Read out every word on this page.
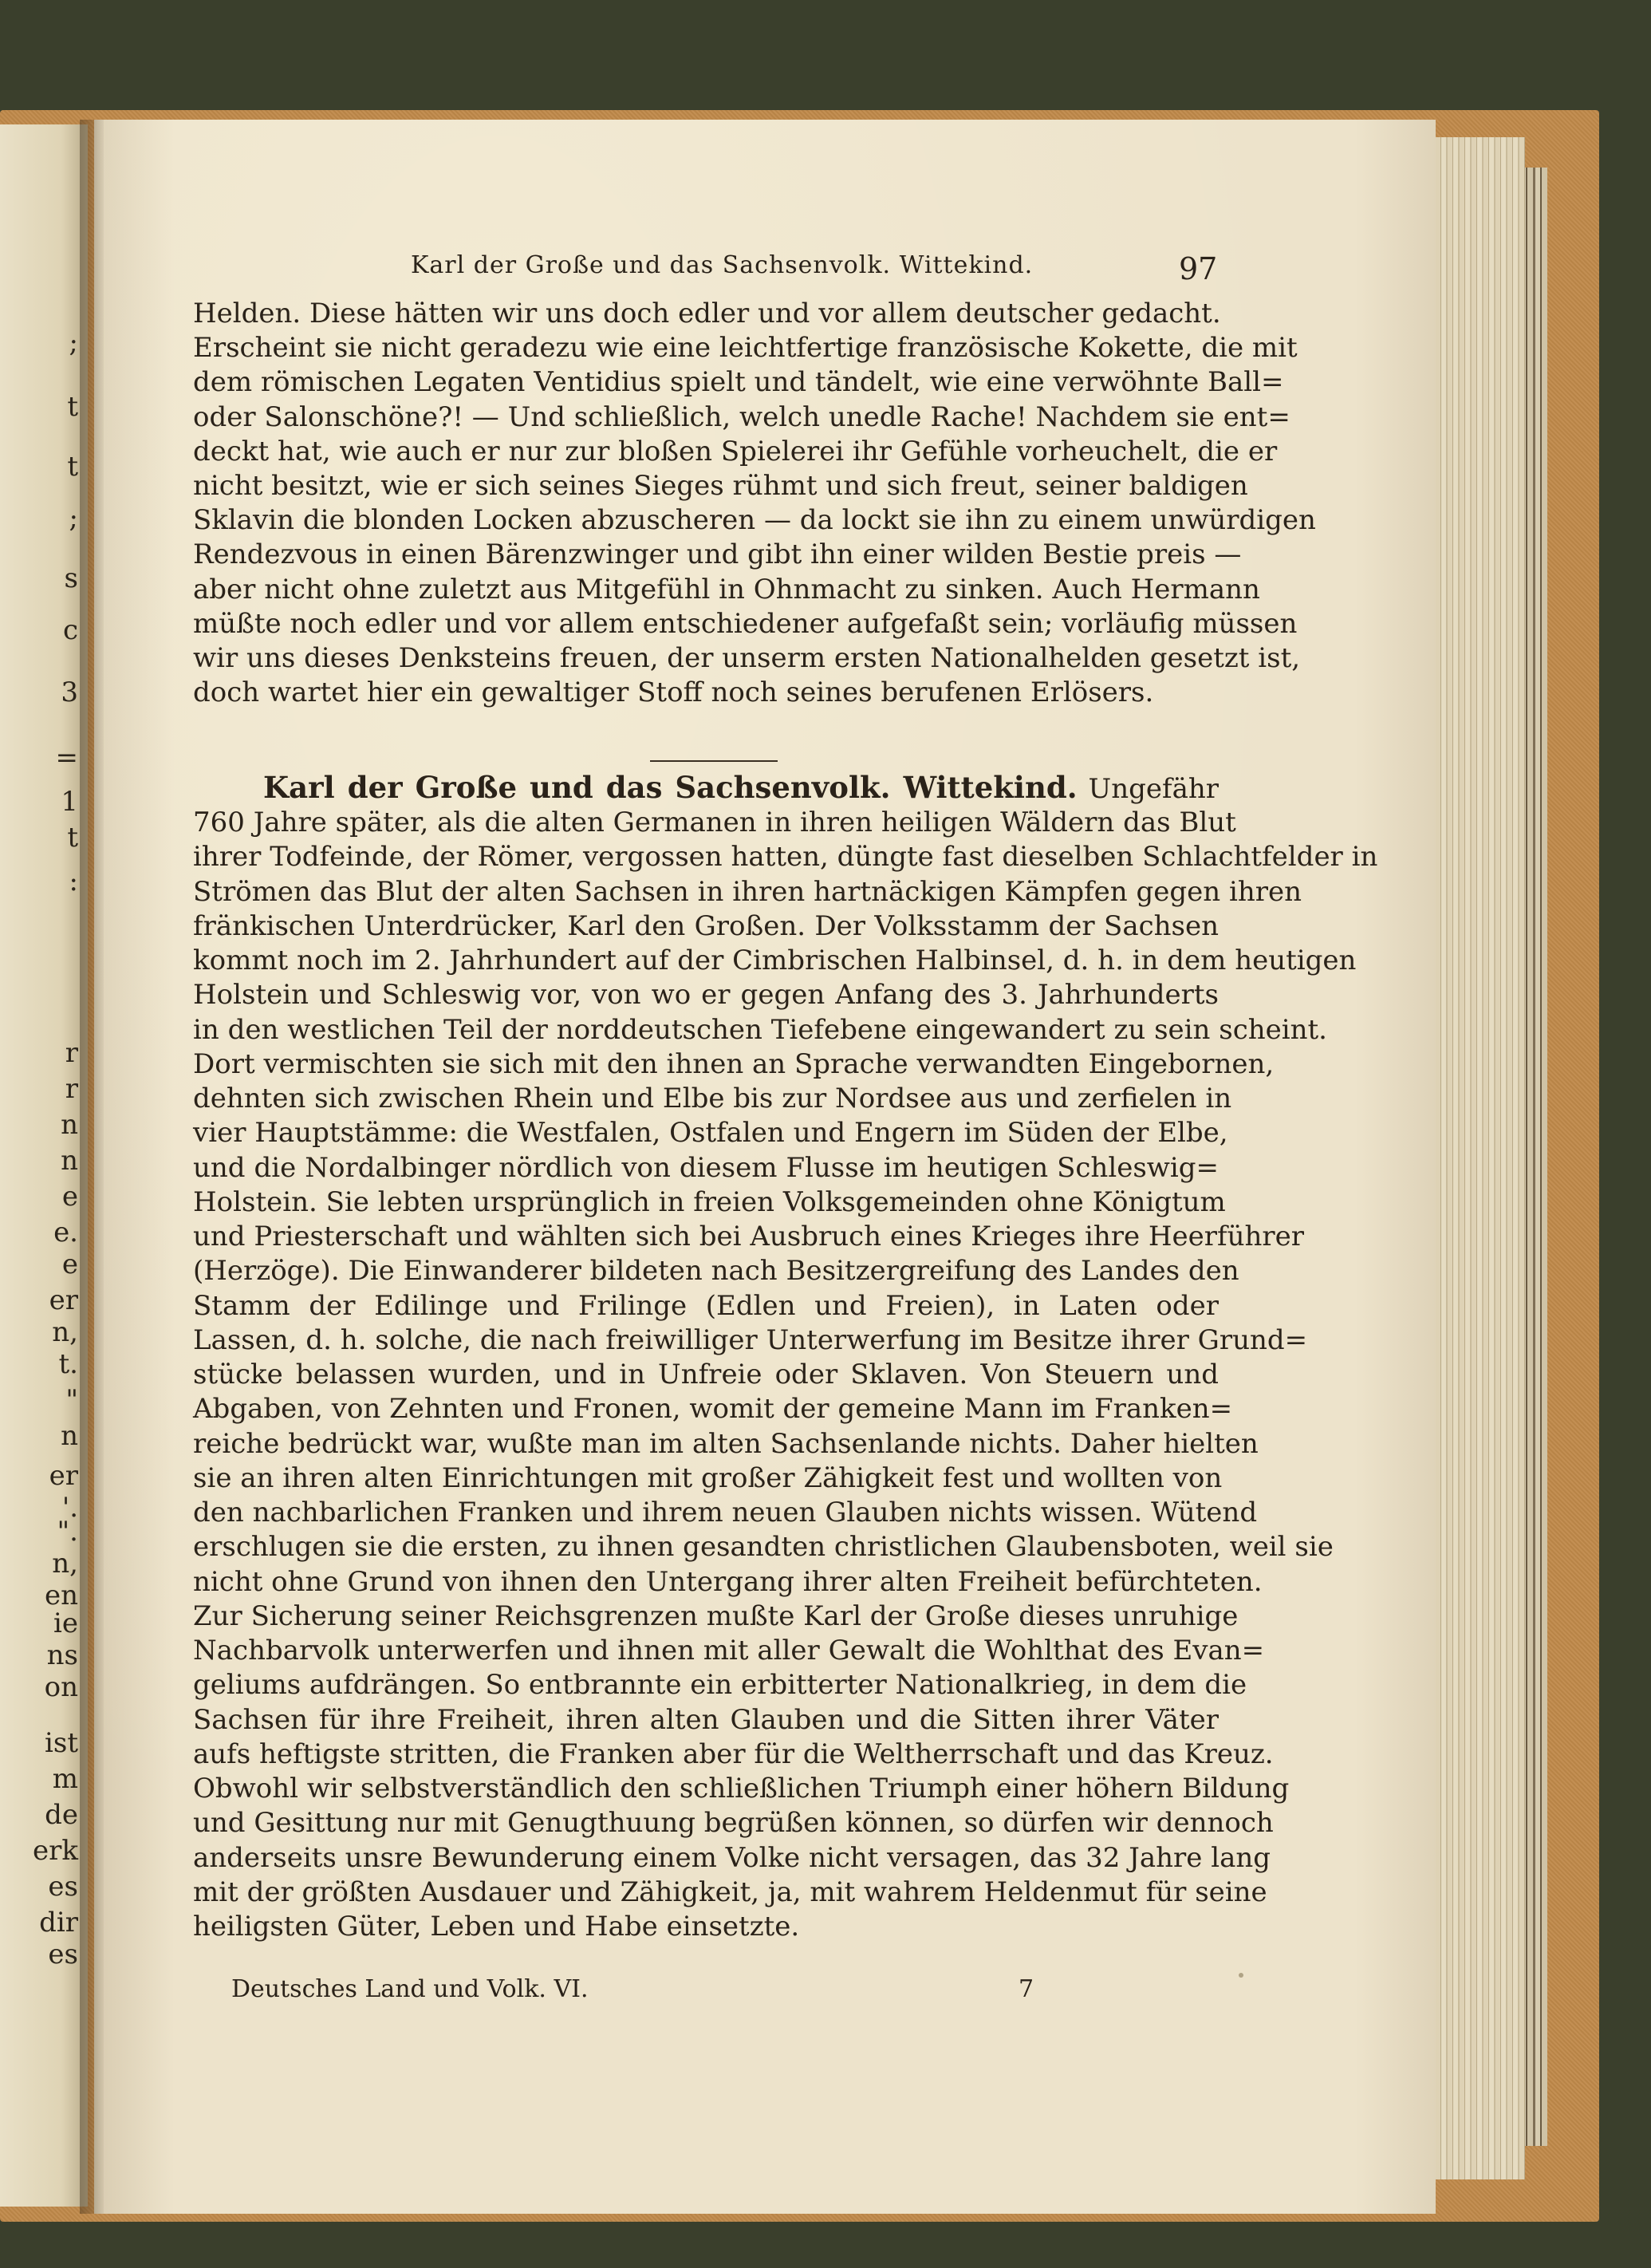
;
t
t
;
s
c
3
=
1
t
:
r
r
n
n
e
e.
e
er
n,
t.
"
n
er
'.
".
n,
en
ie
ns
on
ist
m
de
erk
es
dir
es
Karl der Große und das Sachsenvolk. Wittekind.	97
Helden. Diese hätten wir uns doch edler und vor allem deutscher gedacht.
Erscheint sie nicht geradezu wie eine leichtfertige französische Kokette, die mit
dem römischen Legaten Ventidius spielt und tändelt, wie eine verwöhnte Ball=
oder Salonschöne?! — Und schließlich, welch unedle Rache! Nachdem sie ent=
deckt hat, wie auch er nur zur bloßen Spielerei ihr Gefühle vorheuchelt, die er
nicht besitzt, wie er sich seines Sieges rühmt und sich freut, seiner baldigen
Sklavin die blonden Locken abzuscheren — da lockt sie ihn zu einem unwürdigen
Rendezvous in einen Bärenzwinger und gibt ihn einer wilden Bestie preis —
aber nicht ohne zuletzt aus Mitgefühl in Ohnmacht zu sinken. Auch Hermann
müßte noch edler und vor allem entschiedener aufgefaßt sein; vorläufig müssen
wir uns dieses Denksteins freuen, der unserm ersten Nationalhelden gesetzt ist,
doch wartet hier ein gewaltiger Stoff noch seines berufenen Erlösers.
Karl der Große und das Sachsenvolk. Wittekind. Ungefähr
760 Jahre später, als die alten Germanen in ihren heiligen Wäldern das Blut
ihrer Todfeinde, der Römer, vergossen hatten, düngte fast dieselben Schlachtfelder in
Strömen das Blut der alten Sachsen in ihren hartnäckigen Kämpfen gegen ihren
fränkischen Unterdrücker, Karl den Großen. Der Volksstamm der Sachsen
kommt noch im 2. Jahrhundert auf der Cimbrischen Halbinsel, d. h. in dem heutigen
Holstein und Schleswig vor, von wo er gegen Anfang des 3. Jahrhunderts
in den westlichen Teil der norddeutschen Tiefebene eingewandert zu sein scheint.
Dort vermischten sie sich mit den ihnen an Sprache verwandten Eingebornen,
dehnten sich zwischen Rhein und Elbe bis zur Nordsee aus und zerfielen in
vier Hauptstämme: die Westfalen, Ostfalen und Engern im Süden der Elbe,
und die Nordalbinger nördlich von diesem Flusse im heutigen Schleswig=
Holstein. Sie lebten ursprünglich in freien Volksgemeinden ohne Königtum
und Priesterschaft und wählten sich bei Ausbruch eines Krieges ihre Heerführer
(Herzöge). Die Einwanderer bildeten nach Besitzergreifung des Landes den
Stamm der Edilinge und Frilinge (Edlen und Freien), in Laten oder
Lassen, d. h. solche, die nach freiwilliger Unterwerfung im Besitze ihrer Grund=
stücke belassen wurden, und in Unfreie oder Sklaven. Von Steuern und
Abgaben, von Zehnten und Fronen, womit der gemeine Mann im Franken=
reiche bedrückt war, wußte man im alten Sachsenlande nichts. Daher hielten
sie an ihren alten Einrichtungen mit großer Zähigkeit fest und wollten von
den nachbarlichen Franken und ihrem neuen Glauben nichts wissen. Wütend
erschlugen sie die ersten, zu ihnen gesandten christlichen Glaubensboten, weil sie
nicht ohne Grund von ihnen den Untergang ihrer alten Freiheit befürchteten.
Zur Sicherung seiner Reichsgrenzen mußte Karl der Große dieses unruhige
Nachbarvolk unterwerfen und ihnen mit aller Gewalt die Wohlthat des Evan=
geliums aufdrängen. So entbrannte ein erbitterter Nationalkrieg, in dem die
Sachsen für ihre Freiheit, ihren alten Glauben und die Sitten ihrer Väter
aufs heftigste stritten, die Franken aber für die Weltherrschaft und das Kreuz.
Obwohl wir selbstverständlich den schließlichen Triumph einer höhern Bildung
und Gesittung nur mit Genugthuung begrüßen können, so dürfen wir dennoch
anderseits unsre Bewunderung einem Volke nicht versagen, das 32 Jahre lang
mit der größten Ausdauer und Zähigkeit, ja, mit wahrem Heldenmut für seine
heiligsten Güter, Leben und Habe einsetzte.
Deutsches Land und Volk. VI.	7
